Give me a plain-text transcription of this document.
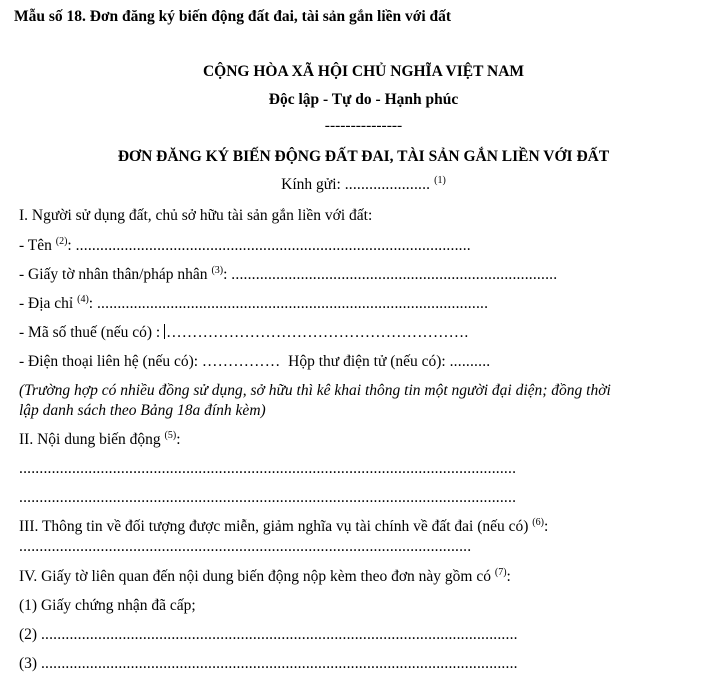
Mẫu số 18. Đơn đăng ký biến động đất đai, tài sản gắn liền với đất
CỘNG HÒA XÃ HỘI CHỦ NGHĨA VIỆT NAM
Độc lập - Tự do - Hạnh phúc
---------------
ĐƠN ĐĂNG KÝ BIẾN ĐỘNG ĐẤT ĐAI, TÀI SẢN GẮN LIỀN VỚI ĐẤT
Kính gửi: ..................... $^{(1)}$
I. Người sử dụng đất, chủ sở hữu tài sản gắn liền với đất:
- Tên $^{(2)}$: .................................................................................................
- Giấy tờ nhân thân/pháp nhân $^{(3)}$: ................................................................................
- Địa chỉ $^{(4)}$: ................................................................................................
- Mã số thuế (nếu có) : ………………………………………………….
- Điện thoại liên hệ (nếu có): ……………  Hộp thư điện tử (nếu có): ..........
(Trường hợp có nhiều đồng sử dụng, sở hữu thì kê khai thông tin một người đại diện; đồng thời
lập danh sách theo Bảng 18a đính kèm)
II. Nội dung biến động $^{(5)}$:
..........................................................................................................................
..........................................................................................................................
III. Thông tin về đối tượng được miễn, giảm nghĩa vụ tài chính về đất đai (nếu có) $^{(6)}$:
...............................................................................................................
IV. Giấy tờ liên quan đến nội dung biến động nộp kèm theo đơn này gồm có $^{(7)}$:
(1) Giấy chứng nhận đã cấp;
(2) .....................................................................................................................
(3) .....................................................................................................................
